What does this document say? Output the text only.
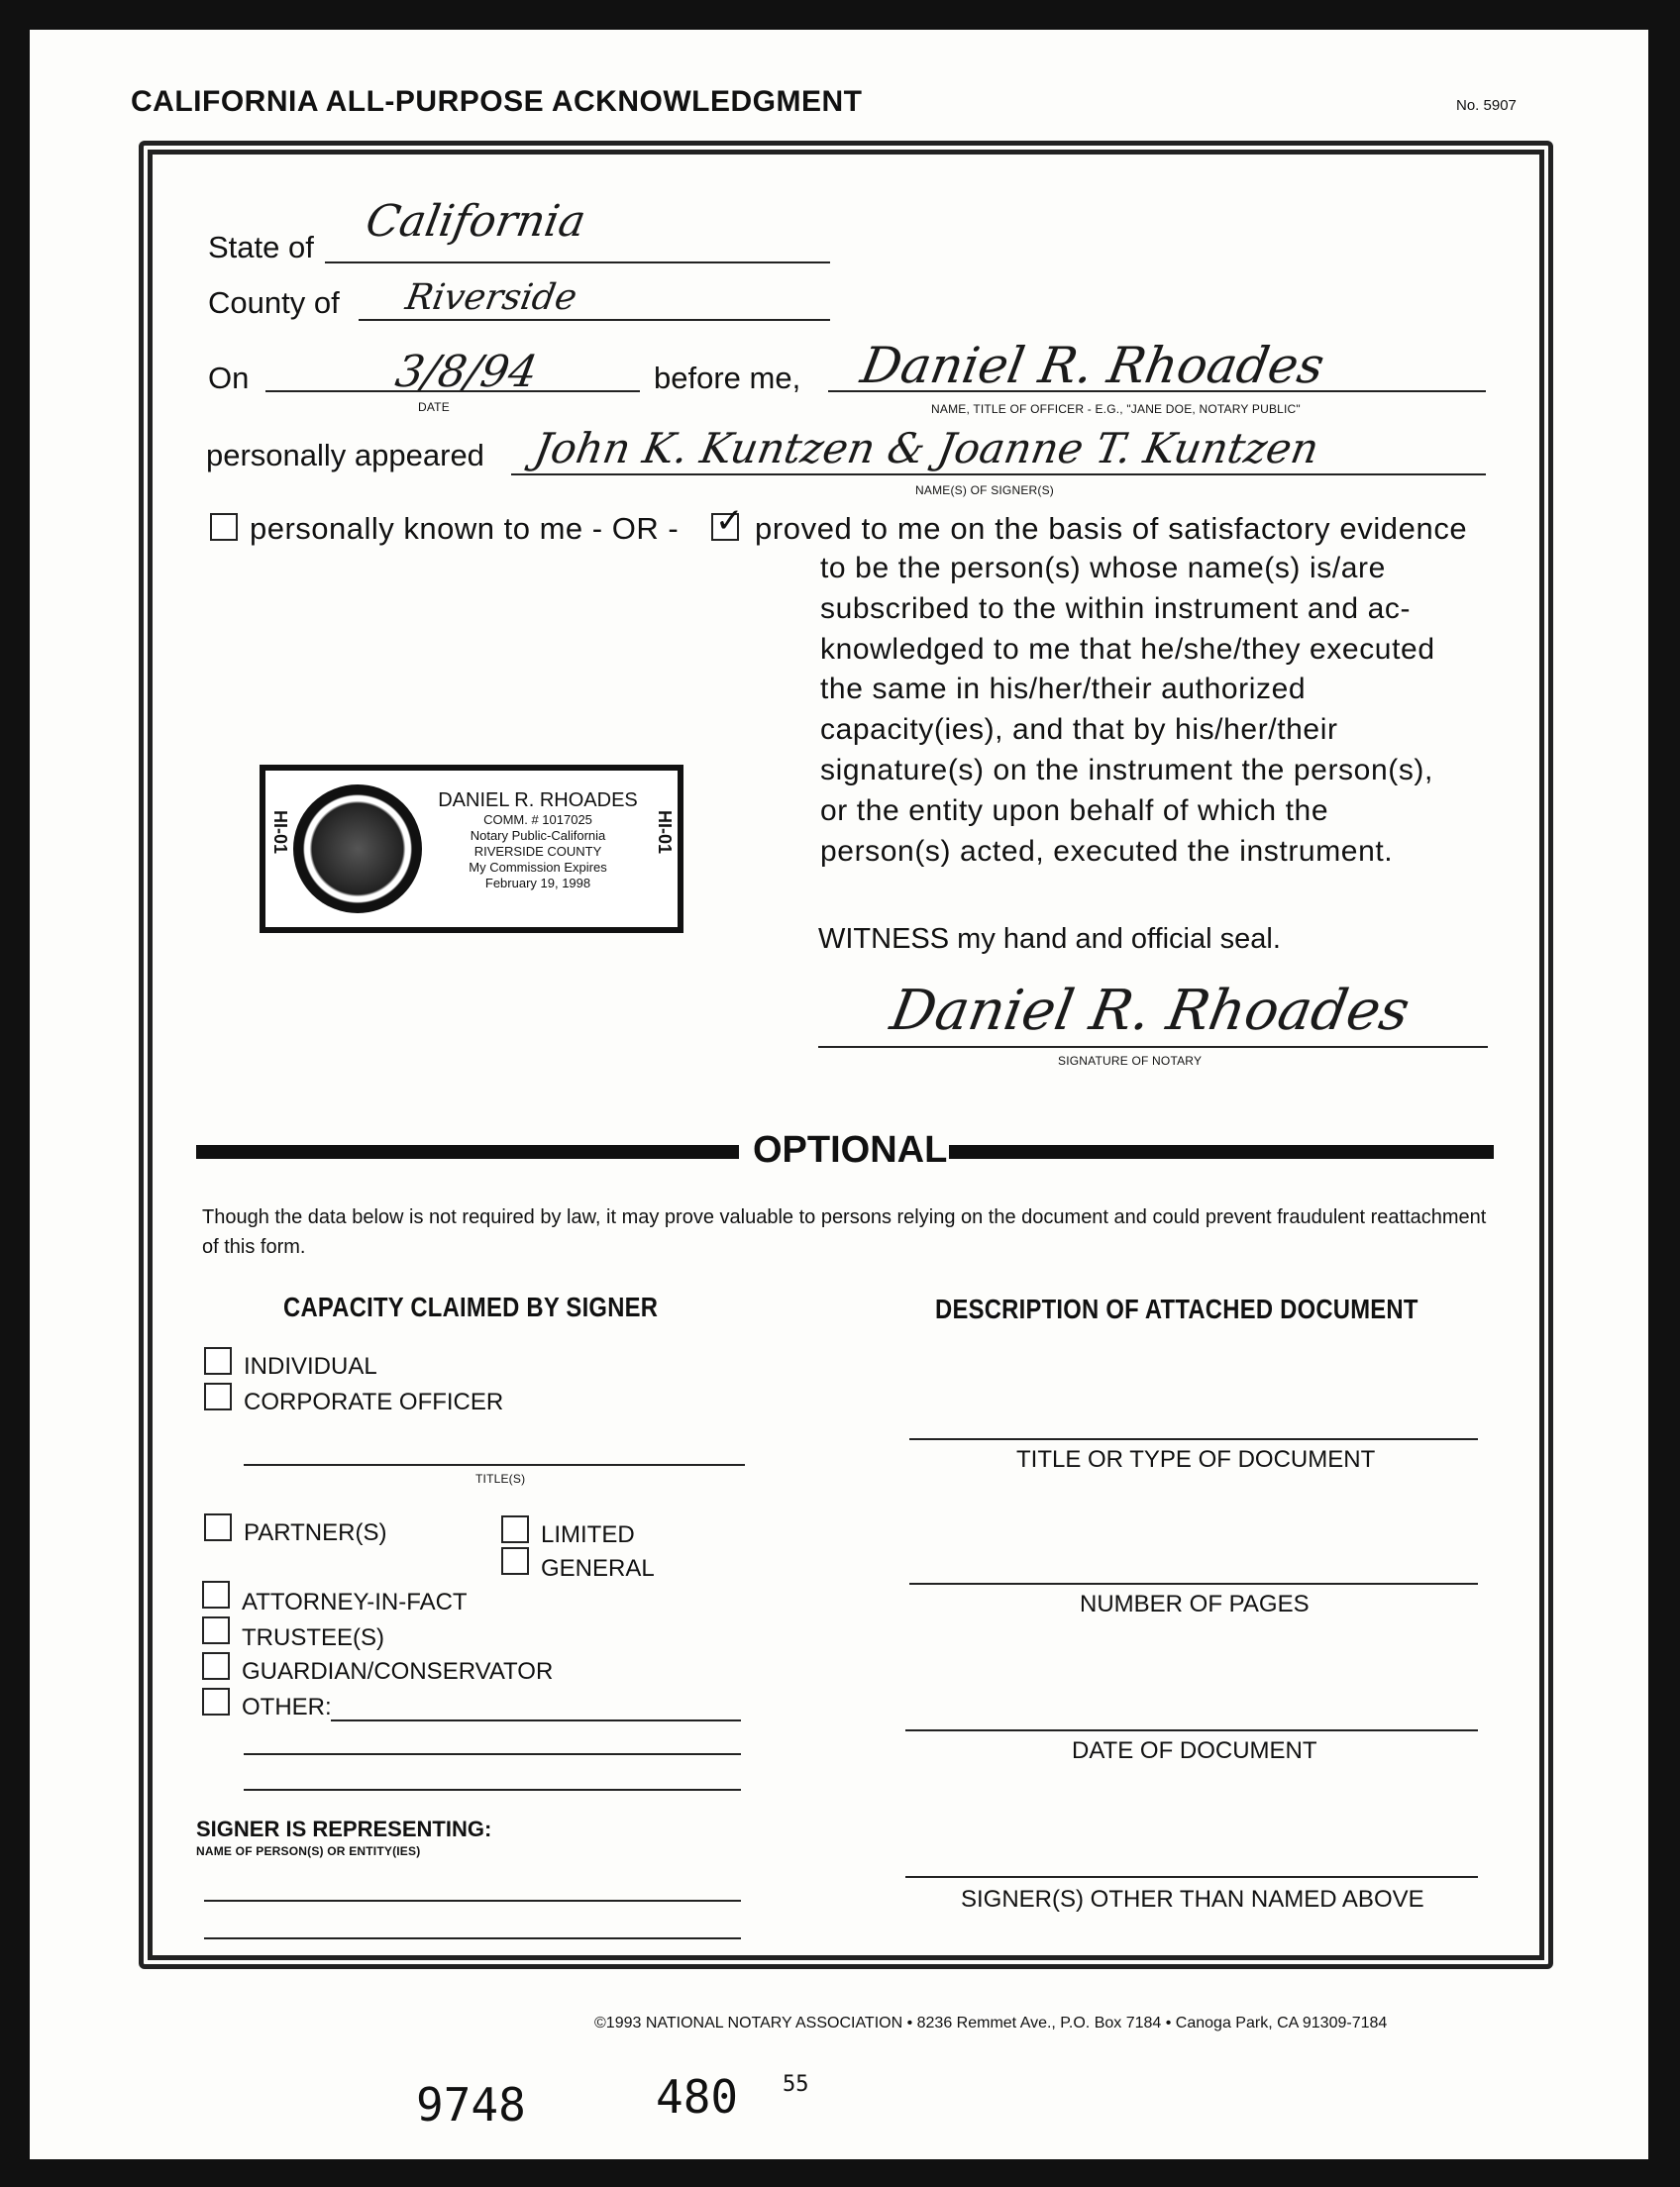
CALIFORNIA ALL-PURPOSE ACKNOWLEDGMENT	No. 5907
State of
California
County of Riverside
On	3/8/94
DATE
before me, Daniel R. Rhoades
NAME, TITLE OF OFFICER - E.G., "JANE DOE, NOTARY PUBLIC"
personally appeared John K. Kuntzen & Joanne T. Kuntzen
NAME(S) OF SIGNER(S)
personally known to me - OR - ✓ proved to me on the basis of satisfactory evidence
to be the person(s) whose name(s) is/are
subscribed to the within instrument and ac-
knowledged to me that he/she/they executed
the same in his/her/their authorized
capacity(ies), and that by his/her/their
signature(s) on the instrument the person(s),
or the entity upon behalf of which the
person(s) acted, executed the instrument.
HI-01
DANIEL R. RHOADES
COMM. # 1017025
Notary Public-California
RIVERSIDE COUNTY
My Commission Expires
February 19, 1998
HI-01
WITNESS my hand and official seal.
Daniel R. Rhoades
SIGNATURE OF NOTARY
OPTIONAL
Though the data below is not required by law, it may prove valuable to persons relying on the document and could prevent fraudulent reattachment of this form.
CAPACITY CLAIMED BY SIGNER
INDIVIDUAL
CORPORATE OFFICER
TITLE(S)
PARTNER(S)	LIMITED
GENERAL
ATTORNEY-IN-FACT
TRUSTEE(S)
GUARDIAN/CONSERVATOR
OTHER:
SIGNER IS REPRESENTING:
NAME OF PERSON(S) OR ENTITY(IES)
DESCRIPTION OF ATTACHED DOCUMENT
TITLE OR TYPE OF DOCUMENT
NUMBER OF PAGES
DATE OF DOCUMENT
SIGNER(S) OTHER THAN NAMED ABOVE
©1993 NATIONAL NOTARY ASSOCIATION • 8236 Remmet Ave., P.O. Box 7184 • Canoga Park, CA 91309-7184
9748	480 55
